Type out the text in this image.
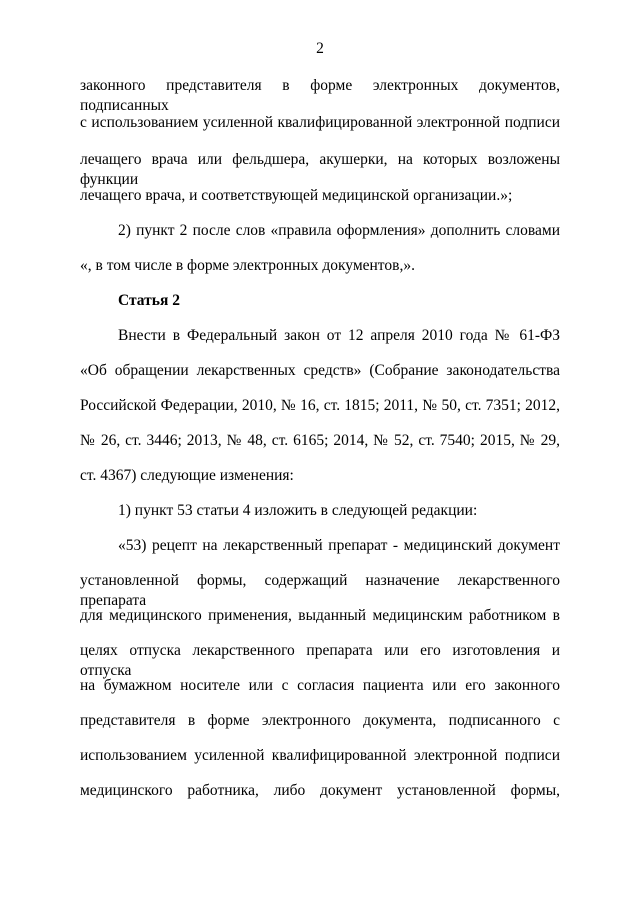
2
законного представителя в форме электронных документов, подписанных
с использованием усиленной квалифицированной электронной подписи
лечащего врача или фельдшера, акушерки, на которых возложены функции
лечащего врача, и соответствующей медицинской организации.»;
2) пункт 2 после слов «правила оформления» дополнить словами
«, в том числе в форме электронных документов,».
Статья 2
Внести в Федеральный закон от 12 апреля 2010 года № 61-ФЗ
«Об обращении лекарственных средств» (Собрание законодательства
Российской Федерации, 2010, № 16, ст. 1815; 2011, № 50, ст. 7351; 2012,
№ 26, ст. 3446; 2013, № 48, ст. 6165; 2014, № 52, ст. 7540; 2015, № 29,
ст. 4367) следующие изменения:
1) пункт 53 статьи 4 изложить в следующей редакции:
«53) рецепт на лекарственный препарат - медицинский документ
установленной формы, содержащий назначение лекарственного препарата
для медицинского применения, выданный медицинским работником в
целях отпуска лекарственного препарата или его изготовления и отпуска
на бумажном носителе или с согласия пациента или его законного
представителя в форме электронного документа, подписанного с
использованием усиленной квалифицированной электронной подписи
медицинского работника, либо документ установленной формы,
